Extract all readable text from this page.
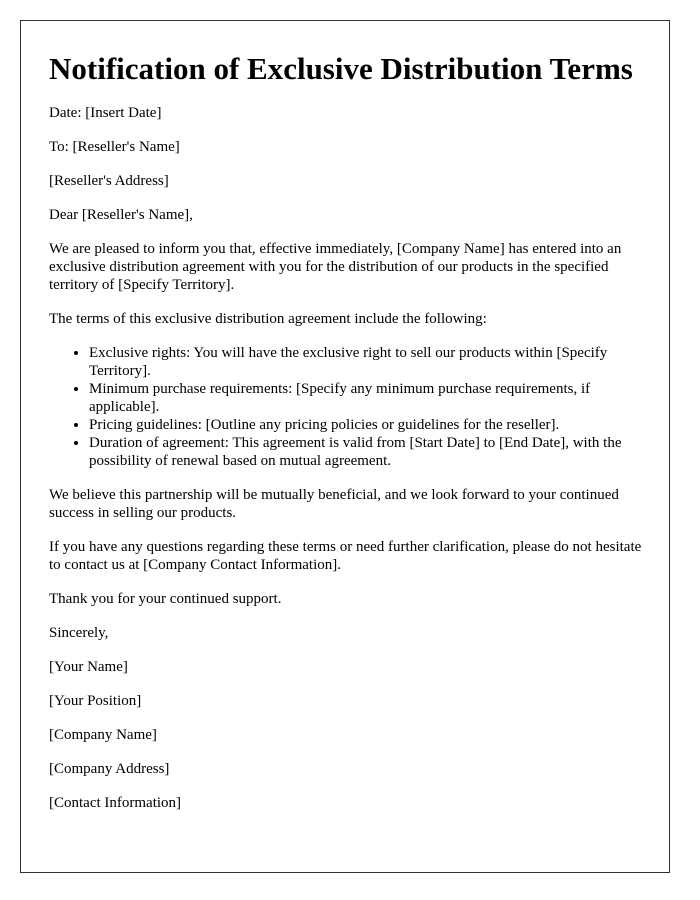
Notification of Exclusive Distribution Terms

Date: [Insert Date]

To: [Reseller's Name]

[Reseller's Address]

Dear [Reseller's Name],

We are pleased to inform you that, effective immediately, [Company Name] has entered into an exclusive distribution agreement with you for the distribution of our products in the specified territory of [Specify Territory].

The terms of this exclusive distribution agreement include the following:

• Exclusive rights: You will have the exclusive right to sell our products within [Specify Territory].
• Minimum purchase requirements: [Specify any minimum purchase requirements, if applicable].
• Pricing guidelines: [Outline any pricing policies or guidelines for the reseller].
• Duration of agreement: This agreement is valid from [Start Date] to [End Date], with the possibility of renewal based on mutual agreement.

We believe this partnership will be mutually beneficial, and we look forward to your continued success in selling our products.

If you have any questions regarding these terms or need further clarification, please do not hesitate to contact us at [Company Contact Information].

Thank you for your continued support.

Sincerely,

[Your Name]

[Your Position]

[Company Name]

[Company Address]

[Contact Information]
